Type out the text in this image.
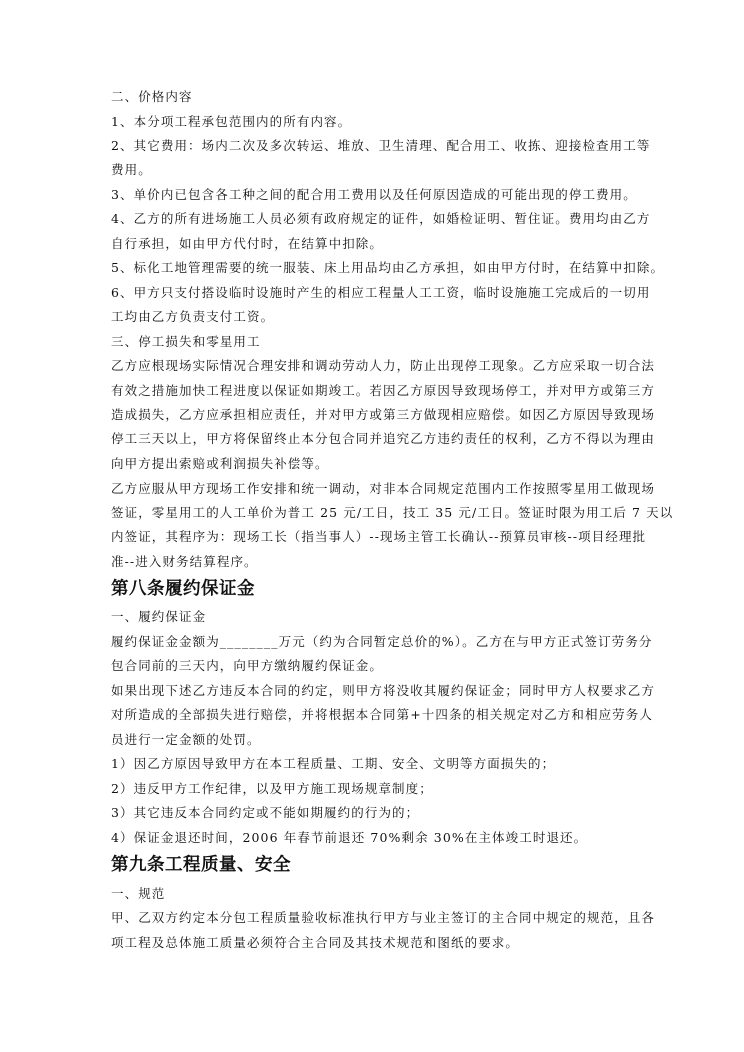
二、价格内容
1、本分项工程承包范围内的所有内容。
2、其它费用：场内二次及多次转运、堆放、卫生清理、配合用工、收拣、迎接检查用工等
费用。
3、单价内已包含各工种之间的配合用工费用以及任何原因造成的可能出现的停工费用。
4、乙方的所有进场施工人员必须有政府规定的证件，如婚检证明、暂住证。费用均由乙方
自行承担，如由甲方代付时，在结算中扣除。
5、标化工地管理需要的统一服装、床上用品均由乙方承担，如由甲方付时，在结算中扣除。
6、甲方只支付搭设临时设施时产生的相应工程量人工工资，临时设施施工完成后的一切用
工均由乙方负责支付工资。
三、停工损失和零星用工
乙方应根现场实际情况合理安排和调动劳动人力，防止出现停工现象。乙方应采取一切合法
有效之措施加快工程进度以保证如期竣工。若因乙方原因导致现场停工，并对甲方或第三方
造成损失，乙方应承担相应责任，并对甲方或第三方做现相应赔偿。如因乙方原因导致现场
停工三天以上，甲方将保留终止本分包合同并追究乙方违约责任的权利，乙方不得以为理由
向甲方提出索赔或利润损失补偿等。
乙方应服从甲方现场工作安排和统一调动，对非本合同规定范围内工作按照零星用工做现场
签证，零星用工的人工单价为普工 25 元/工日，技工 35 元/工日。签证时限为用工后 7 天以
内签证，其程序为：现场工长（指当事人）--现场主管工长确认--预算员审核--项目经理批
准--进入财务结算程序。
第八条履约保证金
一、履约保证金
履约保证金金额为________万元（约为合同暂定总价的%）。乙方在与甲方正式签订劳务分
包合同前的三天内，向甲方缴纳履约保证金。
如果出现下述乙方违反本合同的约定，则甲方将没收其履约保证金；同时甲方人权要求乙方
对所造成的全部损失进行赔偿，并将根据本合同第+十四条的相关规定对乙方和相应劳务人
员进行一定金额的处罚。
1）因乙方原因导致甲方在本工程质量、工期、安全、文明等方面损失的；
2）违反甲方工作纪律，以及甲方施工现场规章制度；
3）其它违反本合同约定或不能如期履约的行为的；
4）保证金退还时间，2006 年春节前退还 70%剩余 30%在主体竣工时退还。
第九条工程质量、安全
一、规范
甲、乙双方约定本分包工程质量验收标准执行甲方与业主签订的主合同中规定的规范，且各
项工程及总体施工质量必须符合主合同及其技术规范和图纸的要求。
